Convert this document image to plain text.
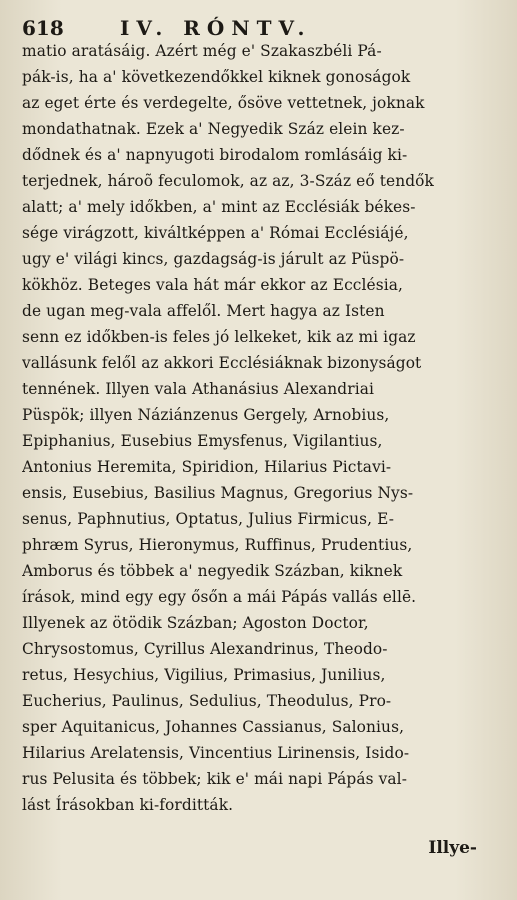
618	IV. RÓNTV.
matio aratásáig. Azért még e' Szakaszbéli Pá-
pák-is, ha a' következendőkkel kiknek gonoságok
az eget érte és verdegelte, ősöve vettetnek, joknak
mondathatnak. Ezek a' Negyedik Száz elein kez-
dődnek és a' napnyugoti birodalom romlásáig ki-
terjednek, hároõ feculomok, az az, 3-Száz eő tendők
alatt; a' mely időkben, a' mint az Ecclésiák békes-
sége virágzott, kiváltképpen a' Római Ecclésiájé,
ugy e' világi kincs, gazdagság-is járult az Püspö-
kökhöz. Beteges vala hát már ekkor az Ecclésia,
de ugan meg-vala affelől. Mert hagya az Isten
senn ez időkben-is feles jó lelkeket, kik az mi igaz
vallásunk felől az akkori Ecclésiáknak bizonyságot
tennének. Illyen vala Athanásius Alexandriai
Püspök; illyen Náziánzenus Gergely, Arnobius,
Epiphanius, Eusebius Emysfenus, Vigilantius,
Antonius Heremita, Spiridion, Hilarius Pictavi-
ensis, Eusebius, Basilius Magnus, Gregorius Nys-
senus, Paphnutius, Optatus, Julius Firmicus, E-
phræm Syrus, Hieronymus, Ruffinus, Prudentius,
Amborus és többek a' negyedik Százban, kiknek
írások, mind egy egy ősőn a mái Pápás vallás ellē.
Illyenek az ötödik Százban; Agoston Doctor,
Chrysostomus, Cyrillus Alexandrinus, Theodo-
retus, Hesychius, Vigilius, Primasius, Junilius,
Eucherius, Paulinus, Sedulius, Theodulus, Pro-
sper Aquitanicus, Johannes Cassianus, Salonius,
Hilarius Arelatensis, Vincentius Lirinensis, Isido-
rus Pelusita és többek; kik e' mái napi Pápás val-
lást Írásokban ki-forditták.
Illye-
